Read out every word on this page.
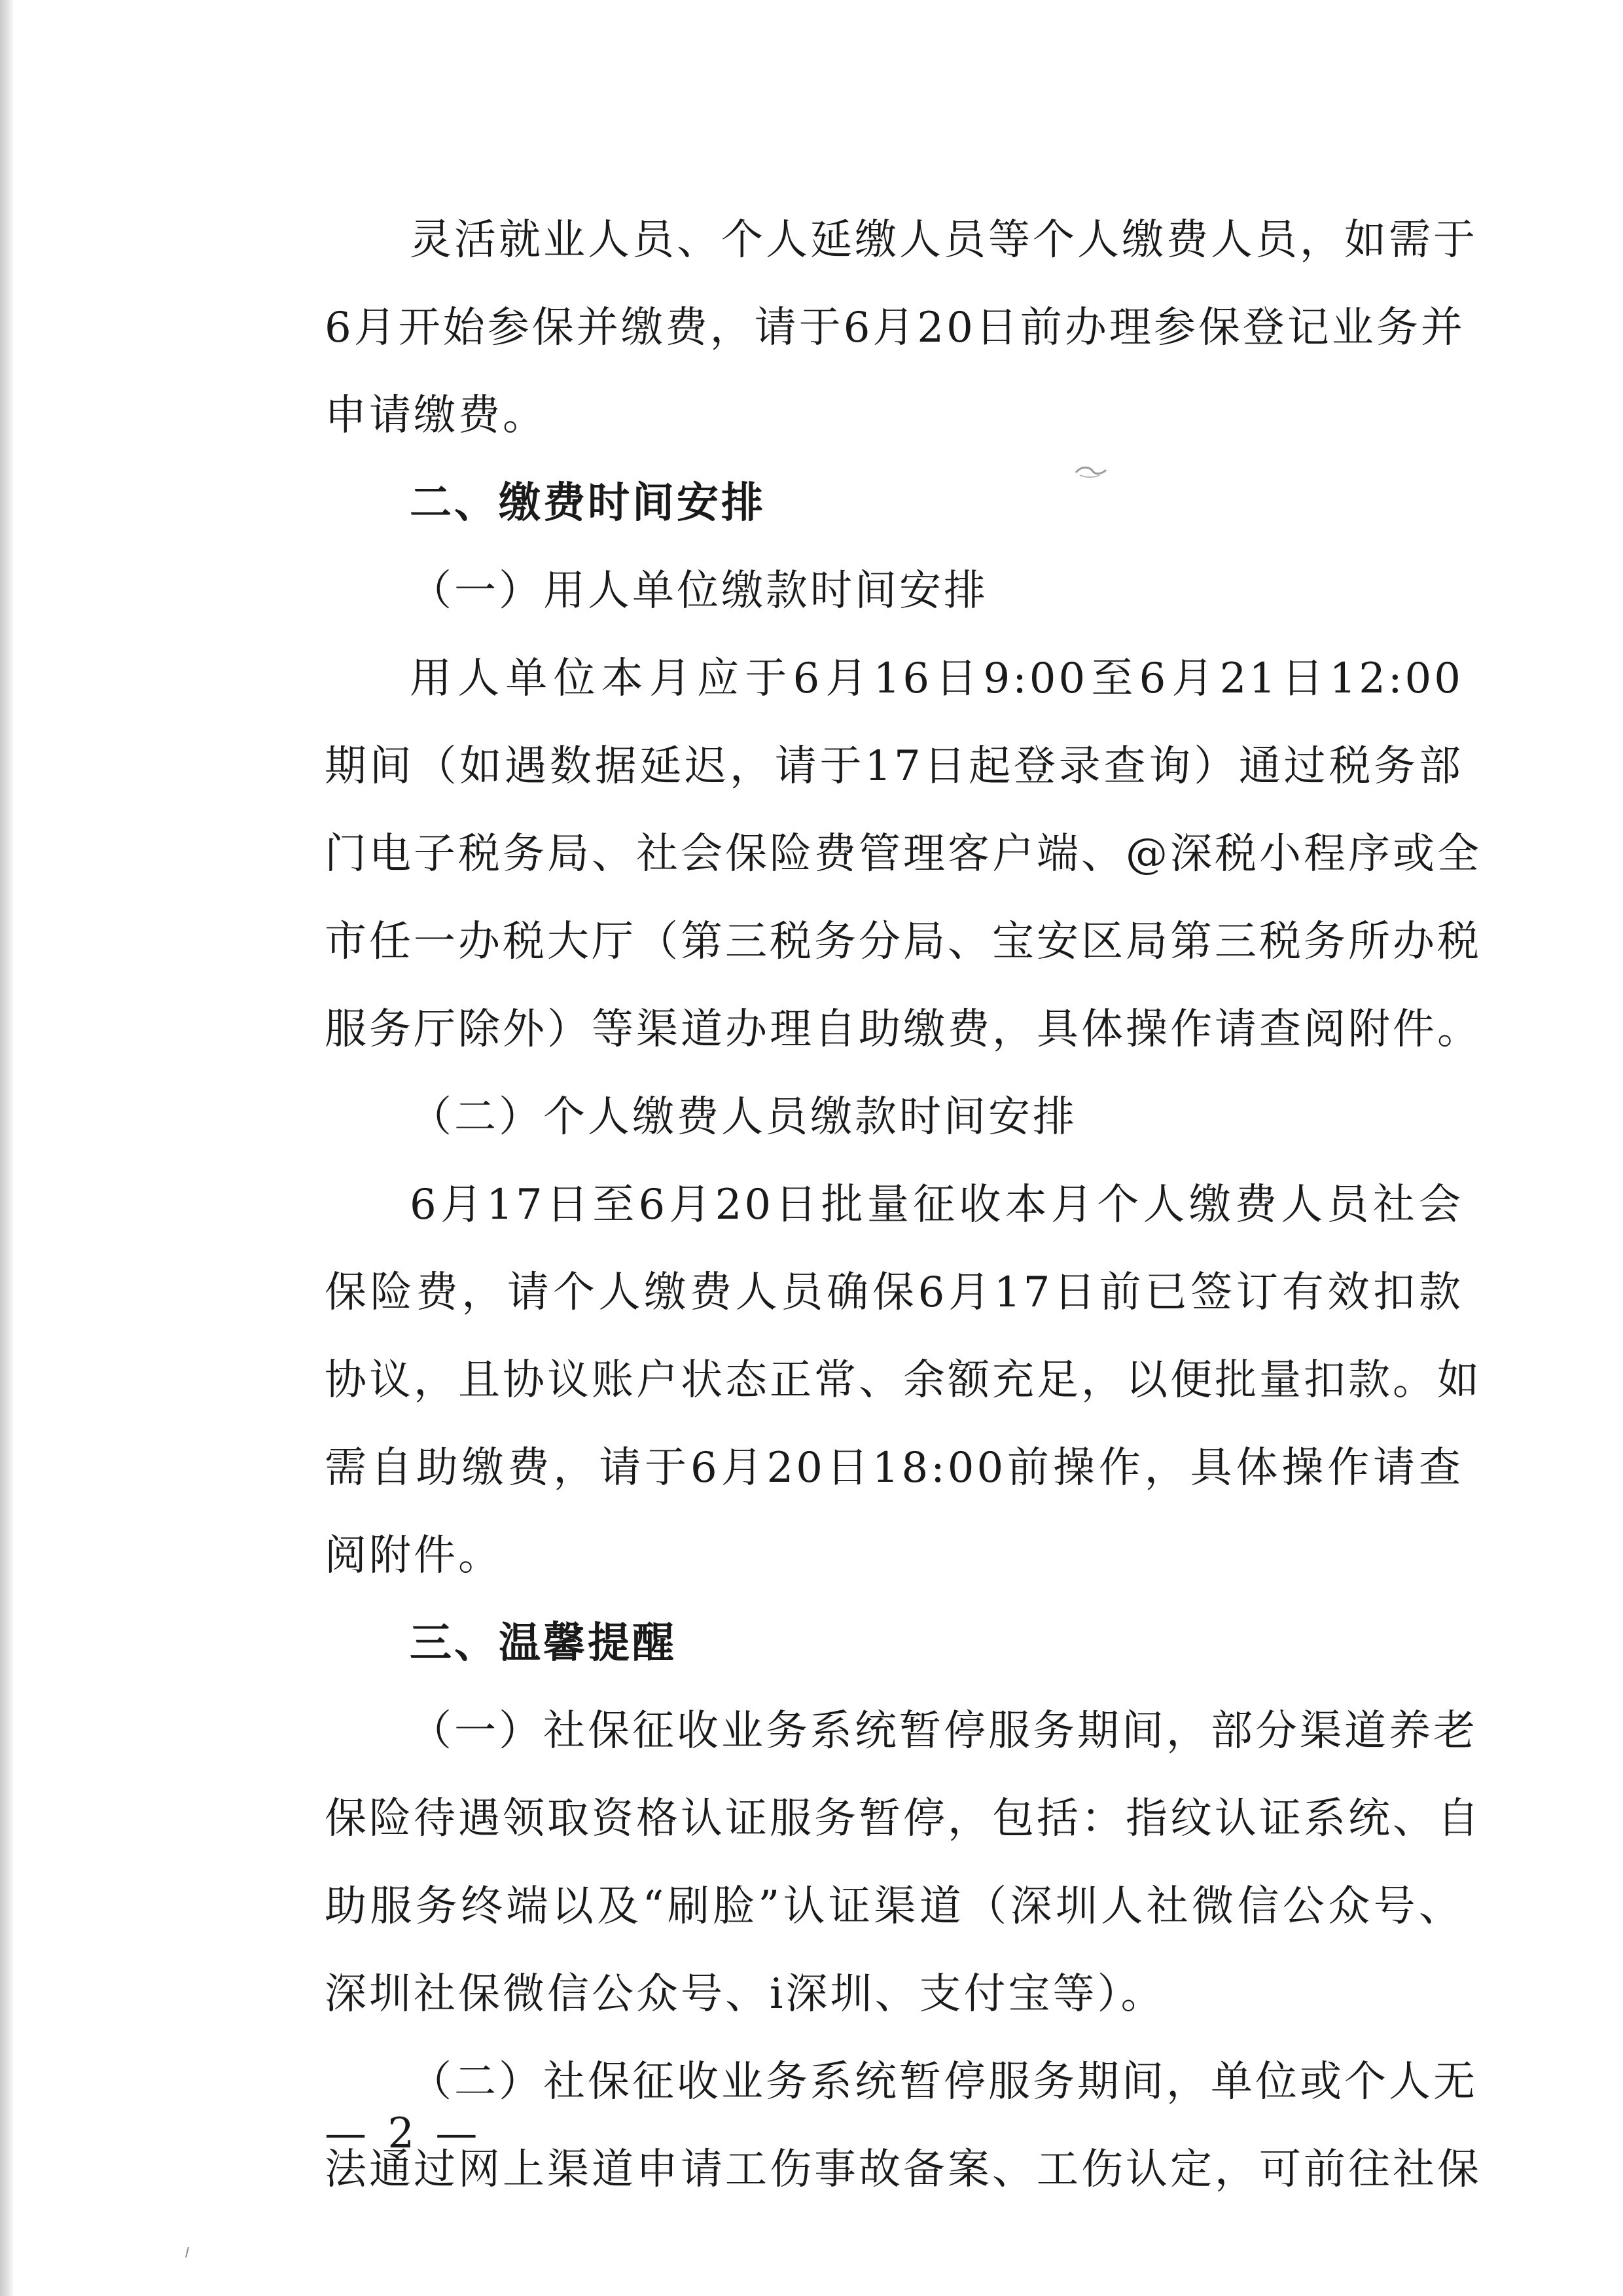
灵活就业人员、个人延缴人员等个人缴费人员，如需于
6月开始参保并缴费，请于6月20日前办理参保登记业务并
申请缴费。
二、缴费时间安排
（一）用人单位缴款时间安排
用人单位本月应于6月16日9:00至6月21日12:00
期间（如遇数据延迟，请于17日起登录查询）通过税务部
门电子税务局、社会保险费管理客户端、@深税小程序或全
市任一办税大厅（第三税务分局、宝安区局第三税务所办税
服务厅除外）等渠道办理自助缴费，具体操作请查阅附件。
（二）个人缴费人员缴款时间安排
6月17日至6月20日批量征收本月个人缴费人员社会
保险费，请个人缴费人员确保6月17日前已签订有效扣款
协议，且协议账户状态正常、余额充足，以便批量扣款。如
需自助缴费，请于6月20日18:00前操作，具体操作请查
阅附件。
三、温馨提醒
（一）社保征收业务系统暂停服务期间，部分渠道养老
保险待遇领取资格认证服务暂停，包括：指纹认证系统、自
助服务终端以及“刷脸”认证渠道（深圳人社微信公众号、
深圳社保微信公众号、i深圳、支付宝等）。
（二）社保征收业务系统暂停服务期间，单位或个人无
法通过网上渠道申请工伤事故备案、工伤认定，可前往社保
— 2 —
